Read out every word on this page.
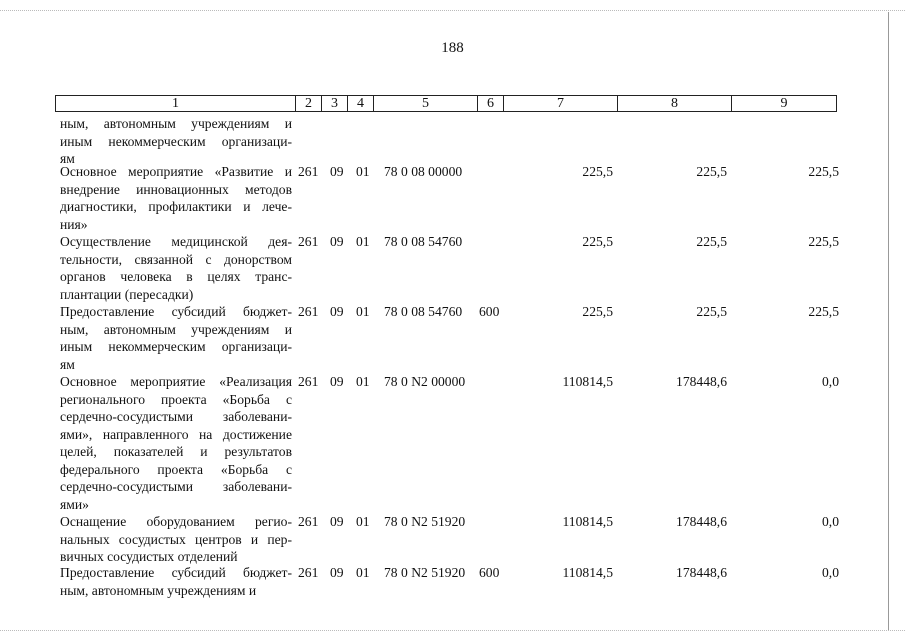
188
1	2	3	4	5	6	7	8	9
ным, автономным учреждениям и
иным некоммерческим организаци-
ям
Основное мероприятие «Развитие и
внедрение инновационных методов
диагностики, профилактики и лече-
ния»
261 09 01	78 0 08 00000	225,5	225,5	225,5
Осуществление медицинской дея-
тельности, связанной с донорством
органов человека в целях транс-
плантации (пересадки)
261 09 01	78 0 08 54760	225,5	225,5	225,5
Предоставление субсидий бюджет-
ным, автономным учреждениям и
иным некоммерческим организаци-
ям
261 09 01	78 0 08 54760	600	225,5	225,5	225,5
Основное мероприятие «Реализация
регионального проекта «Борьба с
сердечно-сосудистыми заболевани-
ями», направленного на достижение
целей, показателей и результатов
федерального проекта «Борьба с
сердечно-сосудистыми заболевани-
ями»
261 09 01	78 0 N2 00000	110814,5	178448,6	0,0
Оснащение оборудованием регио-
нальных сосудистых центров и пер-
вичных сосудистых отделений
261 09 01	78 0 N2 51920	110814,5	178448,6	0,0
Предоставление субсидий бюджет-
ным, автономным учреждениям и
261 09 01	78 0 N2 51920	600	110814,5	178448,6	0,0
